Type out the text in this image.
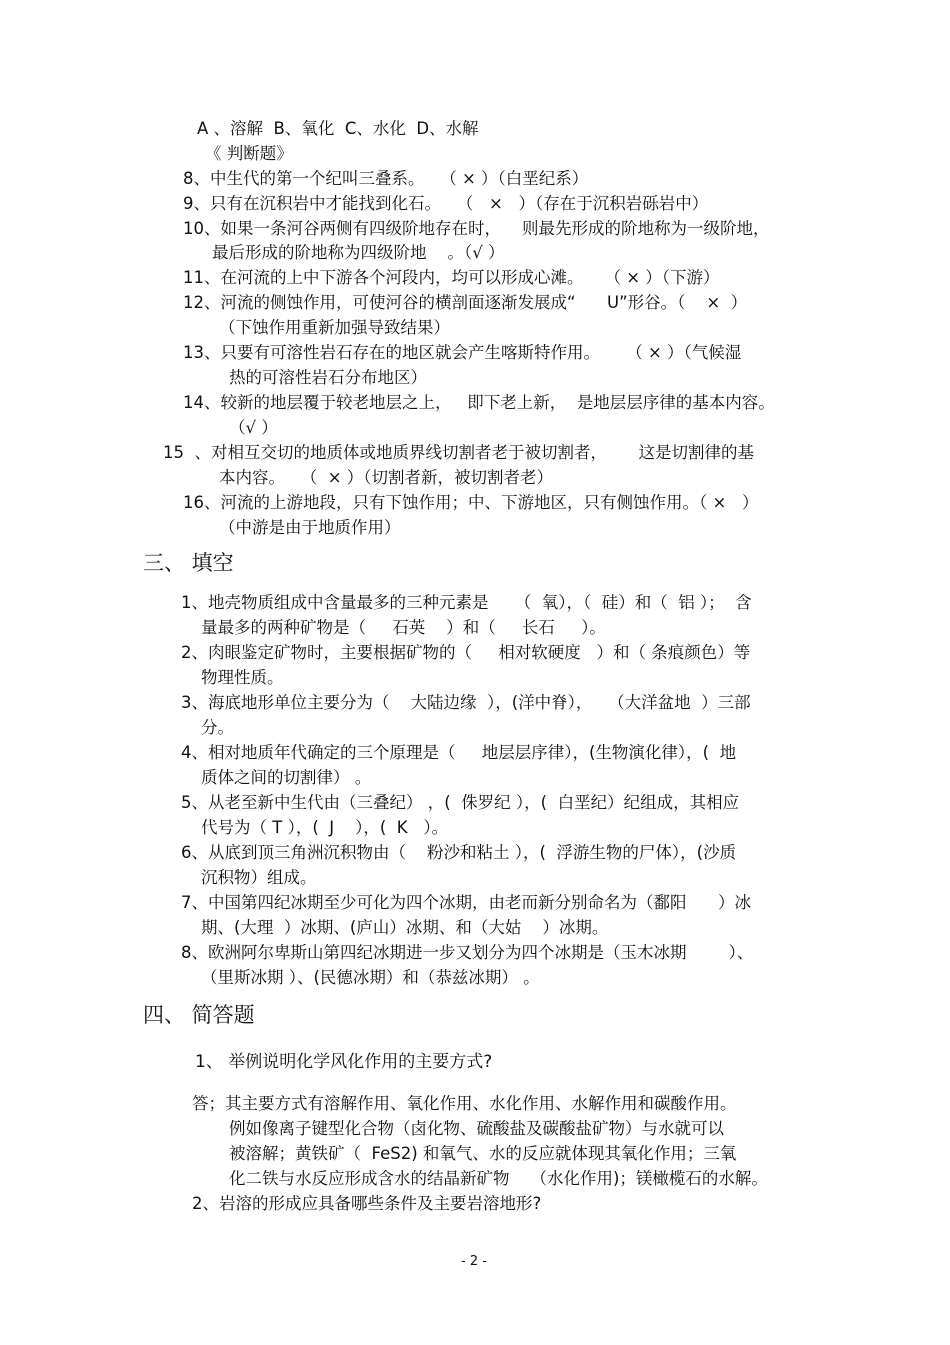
A 、溶解  B、氧化  C、水化  D、水解
《 判断题》
8、中生代的第一个纪叫三叠系。   （ × ）（白垩纪系）
9、只有在沉积岩中才能找到化石。   （   ×   ）（存在于沉积岩砾岩中）
10、如果一条河谷两侧有四级阶地存在时，    则最先形成的阶地称为一级阶地，
最后形成的阶地称为四级阶地    。（√ ）
11、在河流的上中下游各个河段内，均可以形成心滩。    （ × ）（下游）
12、河流的侧蚀作用，可使河谷的横剖面逐渐发展成“      U”形谷。（    ×  ）
（下蚀作用重新加强导致结果）
13、只要有可溶性岩石存在的地区就会产生喀斯特作用。     （ × ）（气候湿
热的可溶性岩石分布地区）
14、较新的地层覆于较老地层之上，   即下老上新，  是地层层序律的基本内容。
（√ ）
15  、对相互交切的地质体或地质界线切割者老于被切割者，      这是切割律的基
本内容。   （  × ）（切割者新，被切割者老）
16、河流的上游地段，只有下蚀作用；中、下游地区，只有侧蚀作用。（ ×   ）
（中游是由于地质作用）
三、 填空
1、地壳物质组成中含量最多的三种元素是     （  氧），（  硅）和（  铝 ）；  含
量最多的两种矿物是（     石英    ）和（     长石     ）。
2、肉眼鉴定矿物时，主要根据矿物的（     相对软硬度   ）和（ 条痕颜色）等
物理性质。
3、海底地形单位主要分为（    大陆边缘  ），(洋中脊），   （大洋盆地  ）三部
分。
4、相对地质年代确定的三个原理是（     地层层序律），(生物演化律），(  地
质体之间的切割律） 。
5、从老至新中生代由（三叠纪） ，(  侏罗纪 ），(  白垩纪）纪组成，其相应
代号为（ T ），(  J    ），(  K   ）。
6、从底到顶三角洲沉积物由（    粉沙和粘土 ），(  浮游生物的尸体），(沙质
沉积物）组成。
7、中国第四纪冰期至少可化为四个冰期，由老而新分别命名为（鄱阳      ）冰
期、(大理  ）冰期、(庐山）冰期、和（大姑    ）冰期。
8、欧洲阿尔卑斯山第四纪冰期进一步又划分为四个冰期是（玉木冰期        ）、
（里斯冰期 ）、(民德冰期）和（恭兹冰期） 。
四、 简答题
1、 举例说明化学风化作用的主要方式?
答；其主要方式有溶解作用、氧化作用、水化作用、水解作用和碳酸作用。
例如像离子键型化合物（卤化物、硫酸盐及碳酸盐矿物）与水就可以
被溶解；黄铁矿（  FeS2) 和氧气、水的反应就体现其氧化作用；三氧
化二铁与水反应形成含水的结晶新矿物    （水化作用)；镁橄榄石的水解。
2、岩溶的形成应具备哪些条件及主要岩溶地形?
- 2 -
